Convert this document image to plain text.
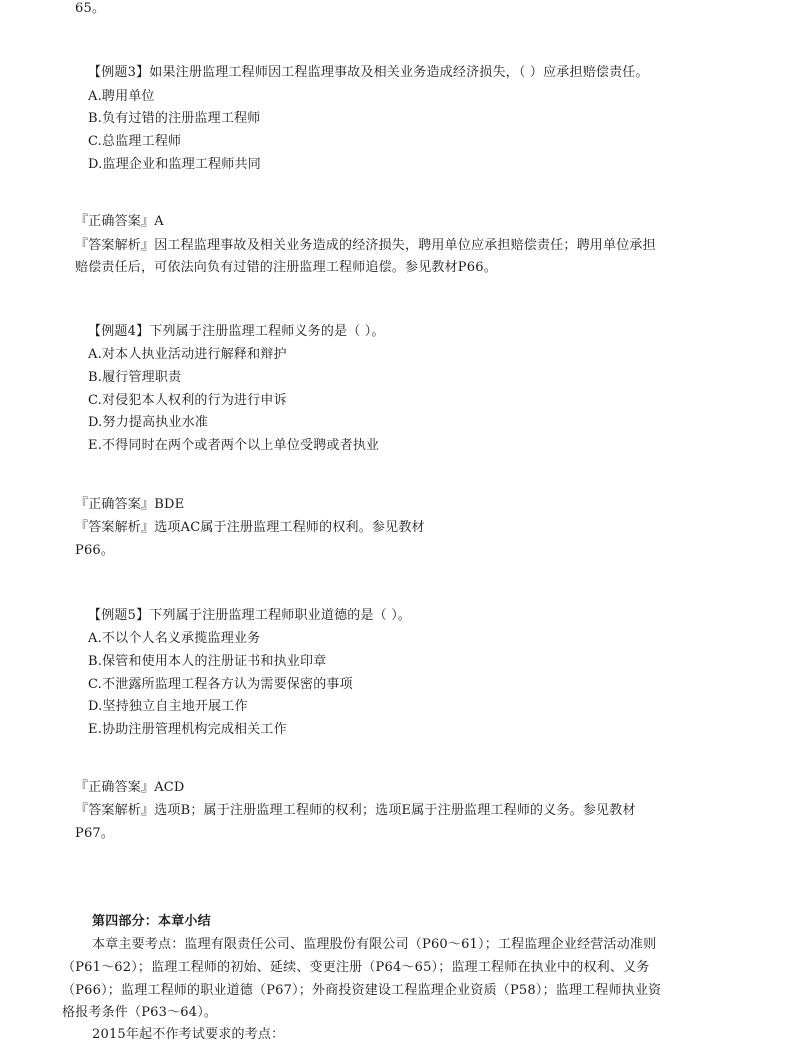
65。
【例题3】如果注册监理工程师因工程监理事故及相关业务造成经济损失，（ ）应承担赔偿责任。
A.聘用单位
B.负有过错的注册监理工程师
C.总监理工程师
D.监理企业和监理工程师共同
『正确答案』A
『答案解析』因工程监理事故及相关业务造成的经济损失，聘用单位应承担赔偿责任；聘用单位承担
赔偿责任后，可依法向负有过错的注册监理工程师追偿。参见教材P66。
【例题4】下列属于注册监理工程师义务的是（ ）。
A.对本人执业活动进行解释和辩护
B.履行管理职责
C.对侵犯本人权利的行为进行申诉
D.努力提高执业水准
E.不得同时在两个或者两个以上单位受聘或者执业
『正确答案』BDE
『答案解析』选项AC属于注册监理工程师的权利。参见教材
P66。
【例题5】下列属于注册监理工程师职业道德的是（ ）。
A.不以个人名义承揽监理业务
B.保管和使用本人的注册证书和执业印章
C.不泄露所监理工程各方认为需要保密的事项
D.坚持独立自主地开展工作
E.协助注册管理机构完成相关工作
『正确答案』ACD
『答案解析』选项B；属于注册监理工程师的权利；选项E属于注册监理工程师的义务。参见教材
P67。
第四部分：本章小结
本章主要考点：监理有限责任公司、监理股份有限公司（P60～61）；工程监理企业经营活动准则
（P61～62）；监理工程师的初始、延续、变更注册（P64～65）；监理工程师在执业中的权利、义务
（P66）；监理工程师的职业道德（P67）；外商投资建设工程监理企业资质（P58）；监理工程师执业资
格报考条件（P63～64）。
2015年起不作考试要求的考点：
